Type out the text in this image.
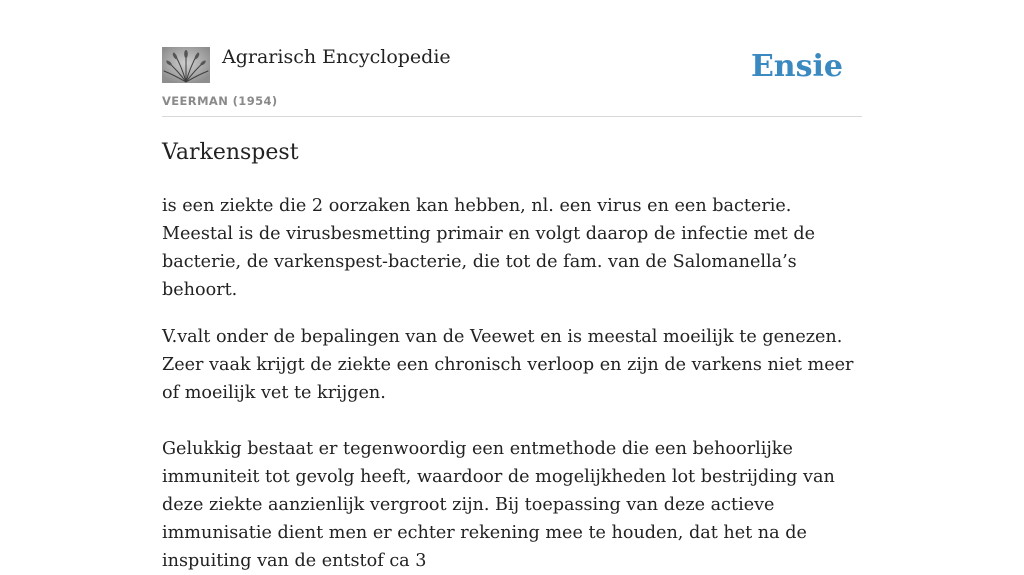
Agrarisch Encyclopedie
VEERMAN (1954)
Ensie
Varkenspest

is een ziekte die 2 oorzaken kan hebben, nl. een virus en een bacterie. Meestal is de virusbesmetting primair en volgt daarop de infectie met de bacterie, de varkenspest-bacterie, die tot de fam. van de Salomanella’s behoort.

V.valt onder de bepalingen van de Veewet en is meestal moeilijk te genezen. Zeer vaak krijgt de ziekte een chronisch verloop en zijn de varkens niet meer of moeilijk vet te krijgen.

Gelukkig bestaat er tegenwoordig een entmethode die een behoorlijke immuniteit tot gevolg heeft, waardoor de mogelijkheden lot bestrijding van deze ziekte aanzienlijk vergroot zijn. Bij toepassing van deze actieve immunisatie dient men er echter rekening mee te houden, dat het na de inspuiting van de entstof ca 3
